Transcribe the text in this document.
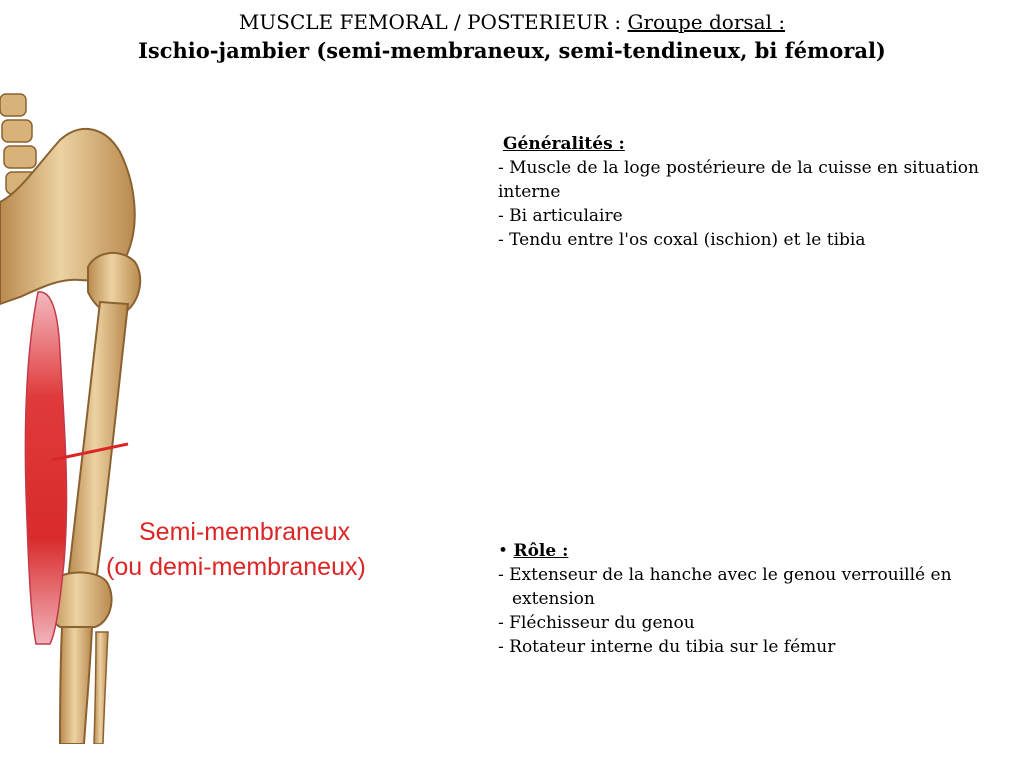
MUSCLE FEMORAL / POSTERIEUR : Groupe dorsal :
Ischio-jambier (semi-membraneux, semi-tendineux, bi fémoral)
Semi-membraneux
(ou demi-membraneux)
Généralités :
- Muscle de la loge postérieure de la cuisse en situation
interne
- Bi articulaire
- Tendu entre l'os coxal (ischion) et le tibia
• Rôle :
- Extenseur de la hanche avec le genou verrouillé en
extension
- Fléchisseur du genou
- Rotateur interne du tibia sur le fémur
